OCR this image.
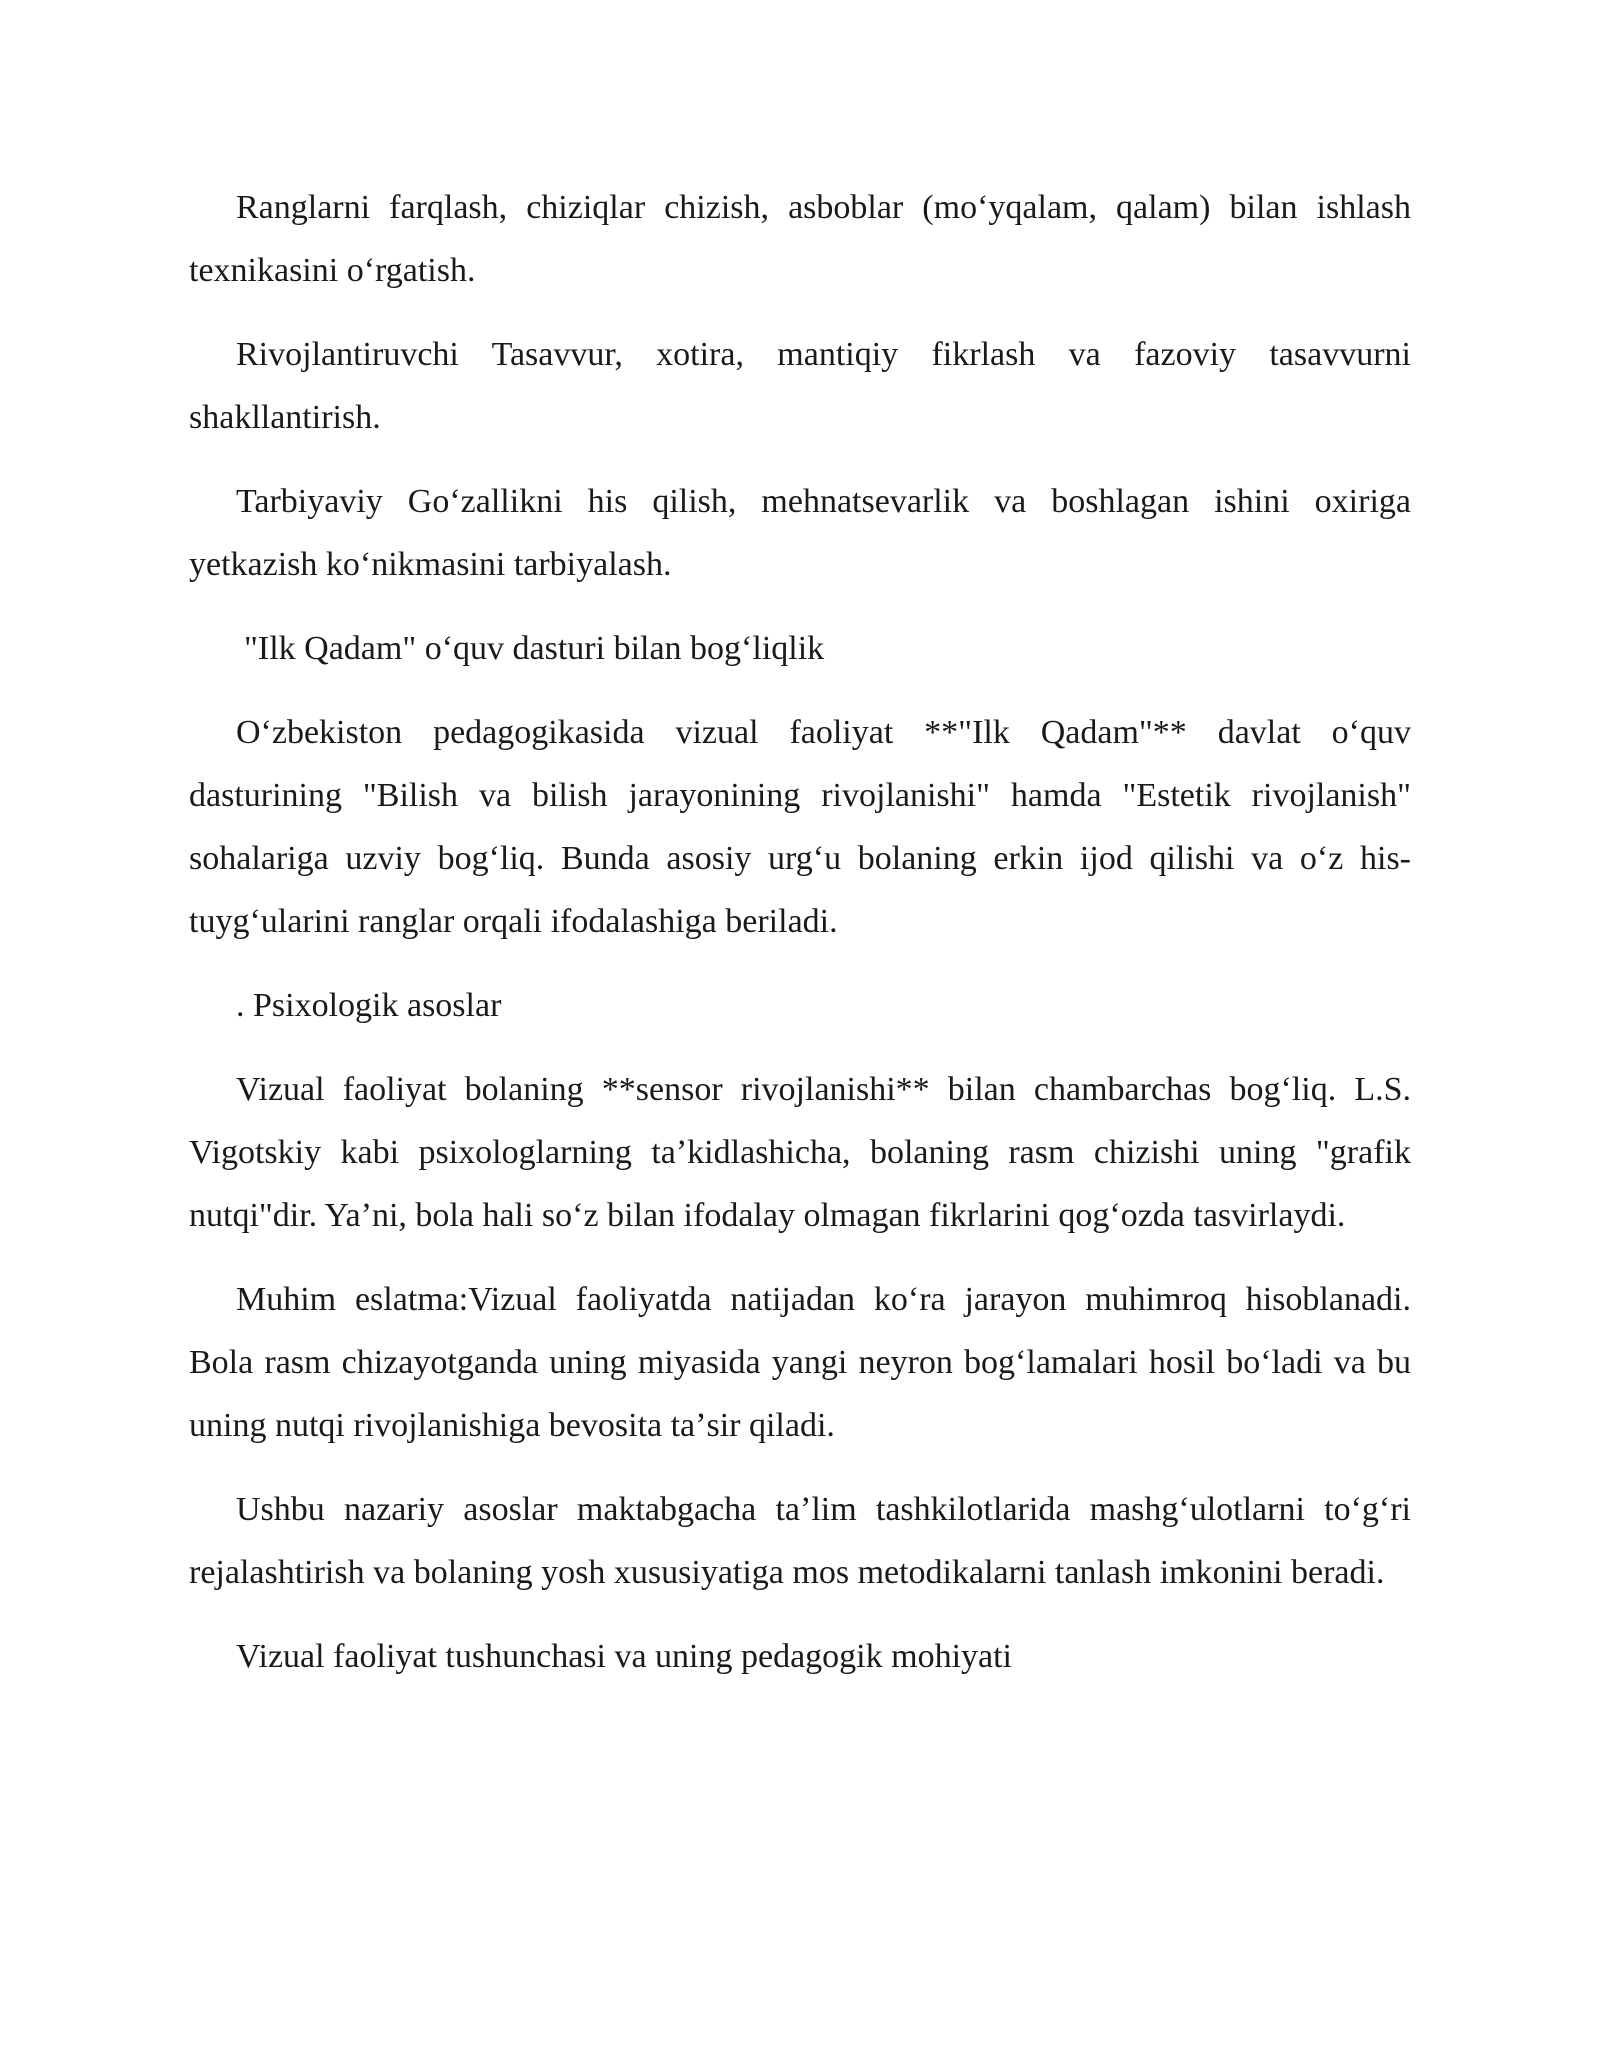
Ranglarni farqlash, chiziqlar chizish, asboblar (moʻyqalam, qalam) bilan ishlash texnikasini oʻrgatish.

Rivojlantiruvchi Tasavvur, xotira, mantiqiy fikrlash va fazoviy tasavvurni shakllantirish.

Tarbiyaviy Goʻzallikni his qilish, mehnatsevarlik va boshlagan ishini oxiriga yetkazish koʻnikmasini tarbiyalash.

"Ilk Qadam" oʻquv dasturi bilan bogʻliqlik

Oʻzbekiston pedagogikasida vizual faoliyat **"Ilk Qadam"** davlat oʻquv dasturining "Bilish va bilish jarayonining rivojlanishi" hamda "Estetik rivojlanish" sohalariga uzviy bogʻliq. Bunda asosiy urgʻu bolaning erkin ijod qilishi va oʻz his-tuygʻularini ranglar orqali ifodalashiga beriladi.

. Psixologik asoslar

Vizual faoliyat bolaning **sensor rivojlanishi** bilan chambarchas bogʻliq. L.S. Vigotskiy kabi psixologlarning taʼkidlashicha, bolaning rasm chizishi uning "grafik nutqi"dir. Yaʼni, bola hali soʻz bilan ifodalay olmagan fikrlarini qogʻozda tasvirlaydi.

Muhim eslatma:Vizual faoliyatda natijadan koʻra jarayon muhimroq hisoblanadi. Bola rasm chizayotganda uning miyasida yangi neyron bogʻlamalari hosil boʻladi va bu uning nutqi rivojlanishiga bevosita taʼsir qiladi.

Ushbu nazariy asoslar maktabgacha taʼlim tashkilotlarida mashgʻulotlarni toʻgʻri rejalashtirish va bolaning yosh xususiyatiga mos metodikalarni tanlash imkonini beradi.

Vizual faoliyat tushunchasi va uning pedagogik mohiyati
